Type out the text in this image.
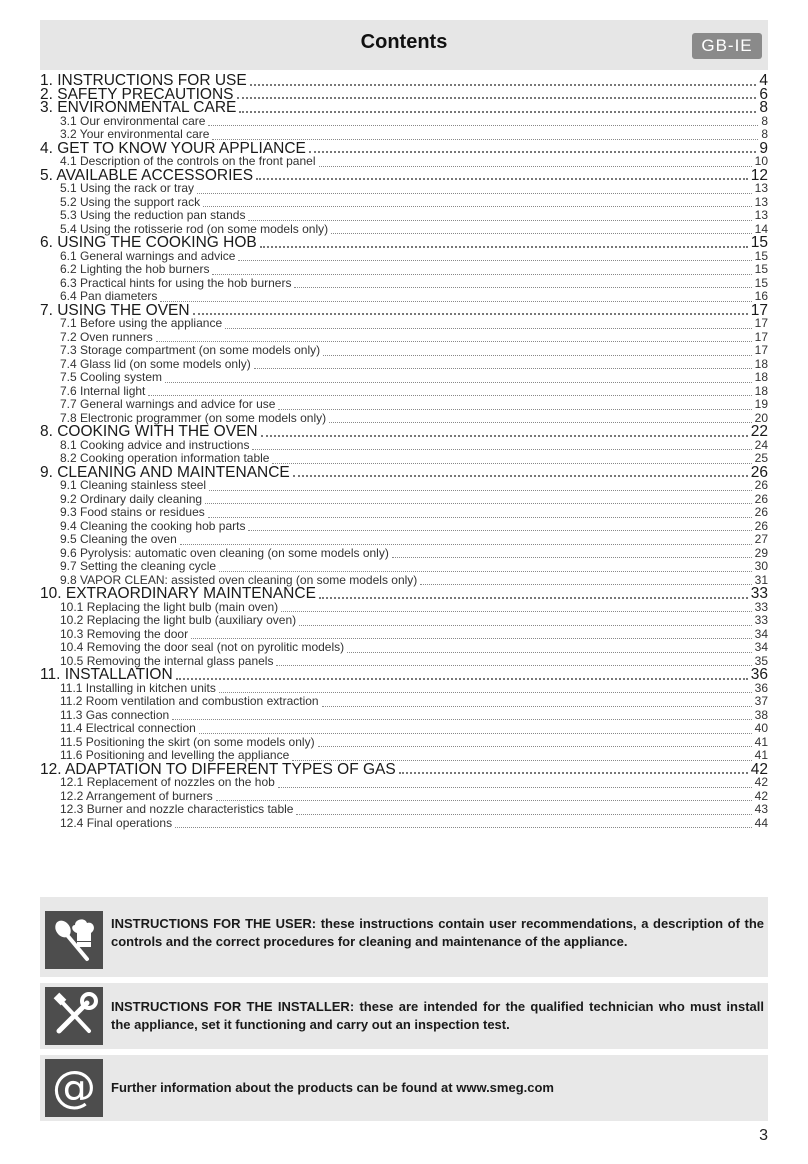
Contents	GB-IE
1. INSTRUCTIONS FOR USE	4
2. SAFETY PRECAUTIONS	6
3. ENVIRONMENTAL CARE	8
3.1 Our environmental care	8
3.2 Your environmental care	8
4. GET TO KNOW YOUR APPLIANCE	9
4.1 Description of the controls on the front panel	10
5. AVAILABLE ACCESSORIES	12
5.1 Using the rack or tray	13
5.2 Using the support rack	13
5.3 Using the reduction pan stands	13
5.4 Using the rotisserie rod (on some models only)	14
6. USING THE COOKING HOB	15
6.1 General warnings and advice	15
6.2 Lighting the hob burners	15
6.3 Practical hints for using the hob burners	15
6.4 Pan diameters	16
7. USING THE OVEN	17
7.1 Before using the appliance	17
7.2 Oven runners	17
7.3 Storage compartment (on some models only)	17
7.4 Glass lid (on some models only)	18
7.5 Cooling system	18
7.6 Internal light	18
7.7 General warnings and advice for use	19
7.8 Electronic programmer (on some models only)	20
8. COOKING WITH THE OVEN	22
8.1 Cooking advice and instructions	24
8.2 Cooking operation information table	25
9. CLEANING AND MAINTENANCE	26
9.1 Cleaning stainless steel	26
9.2 Ordinary daily cleaning	26
9.3 Food stains or residues	26
9.4 Cleaning the cooking hob parts	26
9.5 Cleaning the oven	27
9.6 Pyrolysis: automatic oven cleaning (on some models only)	29
9.7 Setting the cleaning cycle	30
9.8 VAPOR CLEAN: assisted oven cleaning (on some models only)	31
10. EXTRAORDINARY MAINTENANCE	33
10.1 Replacing the light bulb (main oven)	33
10.2 Replacing the light bulb (auxiliary oven)	33
10.3 Removing the door	34
10.4 Removing the door seal (not on pyrolitic models)	34
10.5 Removing the internal glass panels	35
11. INSTALLATION	36
11.1 Installing in kitchen units	36
11.2 Room ventilation and combustion extraction	37
11.3 Gas connection	38
11.4 Electrical connection	40
11.5 Positioning the skirt (on some models only)	41
11.6 Positioning and levelling the appliance	41
12. ADAPTATION TO DIFFERENT TYPES OF GAS	42
12.1 Replacement of nozzles on the hob	42
12.2 Arrangement of burners	42
12.3 Burner and nozzle characteristics table	43
12.4 Final operations	44
INSTRUCTIONS FOR THE USER: these instructions contain user recommendations, a description of the controls and the correct procedures for cleaning and maintenance of the appliance.
INSTRUCTIONS FOR THE INSTALLER: these are intended for the qualified technician who must install the appliance, set it functioning and carry out an inspection test.
@ Further information about the products can be found at www.smeg.com
3
